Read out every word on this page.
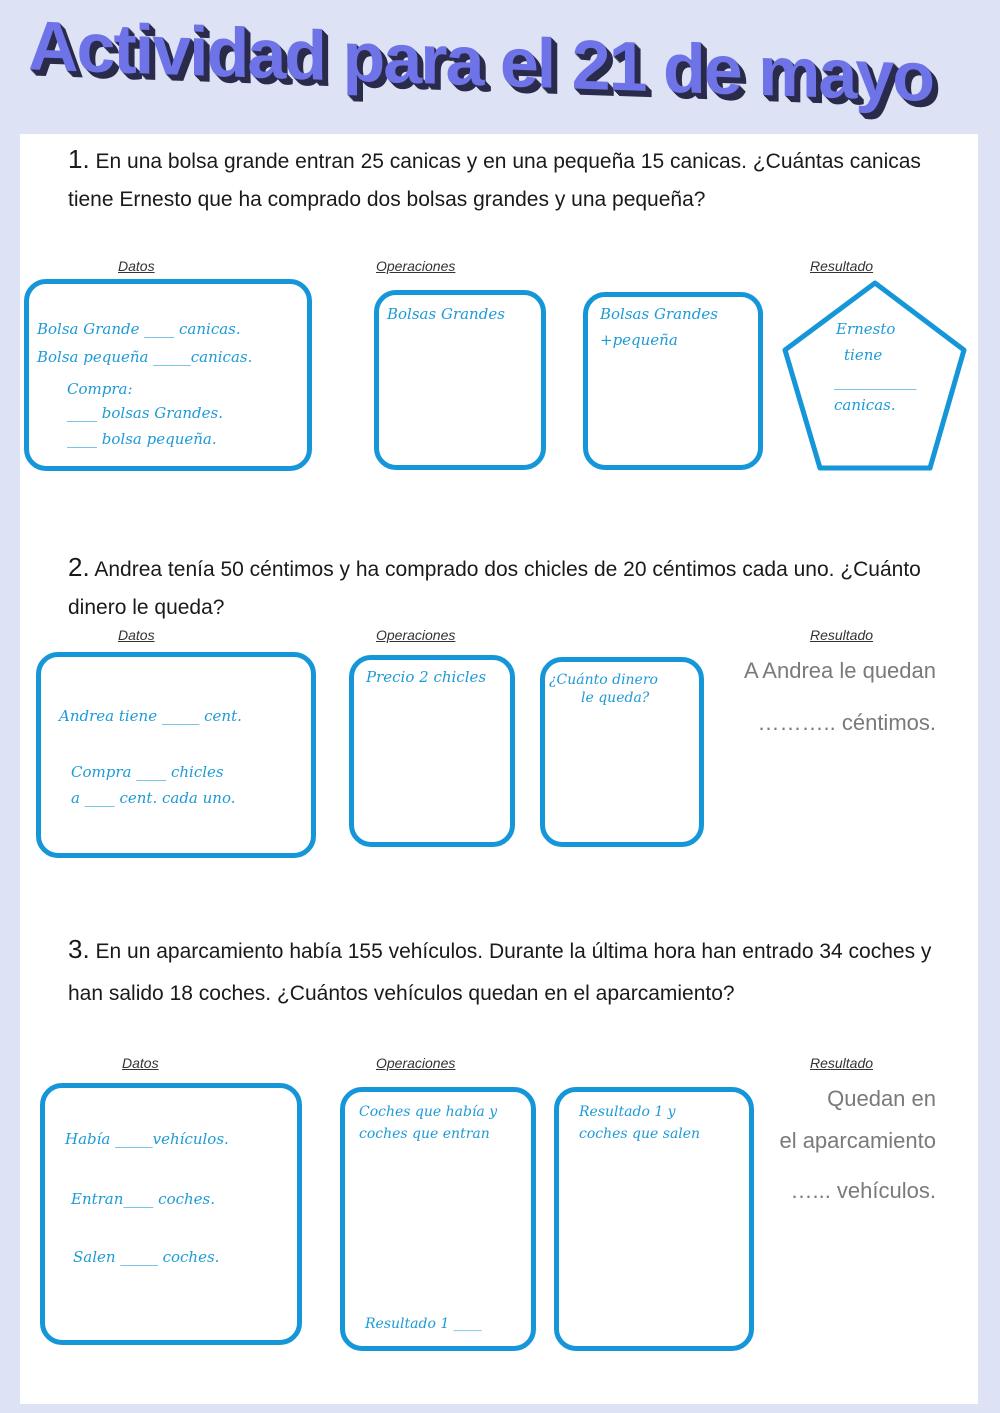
Actividad para el 21 de mayo
1. En una bolsa grande entran 25 canicas y en una pequeña 15 canicas. ¿Cuántas canicas tiene Ernesto que ha comprado dos bolsas grandes y una pequeña?
Datos	Operaciones	Resultado
Bolsa Grande ____ canicas.
Bolsa pequeña _____canicas.
Compra:
____ bolsas Grandes.
____ bolsa pequeña.
Bolsas Grandes	Bolsas Grandes
+pequeña
Ernesto
tiene
___________
canicas.
2. Andrea tenía 50 céntimos y ha comprado dos chicles de 20 céntimos cada uno. ¿Cuánto dinero le queda?
Datos	Operaciones	Resultado
Andrea tiene _____ cent.
Compra ____ chicles
a ____ cent. cada uno.
Precio 2 chicles	¿Cuánto dinero
le queda?
A Andrea le quedan
……….. céntimos.
3. En un aparcamiento había 155 vehículos. Durante la última hora han entrado 34 coches y han salido 18 coches. ¿Cuántos vehículos quedan en el aparcamiento?
Datos	Operaciones	Resultado
Había _____vehículos.
Entran____ coches.
Salen _____ coches.
Coches que había y
coches que entran
Resultado 1 ____
Resultado 1 y
coches que salen
Quedan en
el aparcamiento
…... vehículos.
